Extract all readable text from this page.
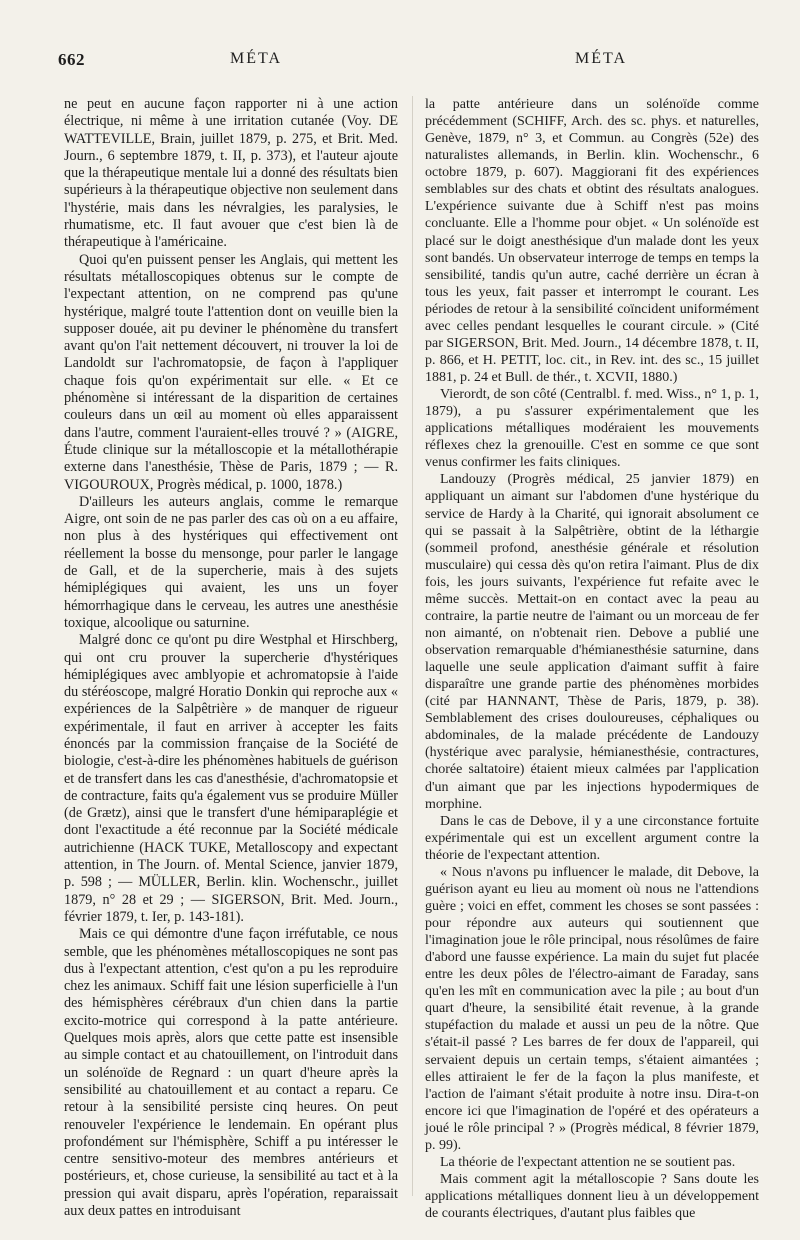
662	MÉTA	MÉTA

ne peut en aucune façon rapporter ni à une action électrique, ni même à une irritation cutanée (Voy. DE WATTEVILLE, Brain, juillet 1879, p. 275, et Brit. Med. Journ., 6 septembre 1879, t. II, p. 373), et l'auteur ajoute que la thérapeutique mentale lui a donné des résultats bien supérieurs à la thérapeutique objective non seulement dans l'hystérie, mais dans les névralgies, les paralysies, le rhumatisme, etc. Il faut avouer que c'est bien là de thérapeutique à l'américaine.

Quoi qu'en puissent penser les Anglais, qui mettent les résultats métalloscopiques obtenus sur le compte de l'expectant attention, on ne comprend pas qu'une hystérique, malgré toute l'attention dont on veuille bien la supposer douée, ait pu deviner le phénomène du transfert avant qu'on l'ait nettement découvert, ni trouver la loi de Landoldt sur l'achromatopsie, de façon à l'appliquer chaque fois qu'on expérimentait sur elle. « Et ce phénomène si intéressant de la disparition de certaines couleurs dans un œil au moment où elles apparaissent dans l'autre, comment l'auraient-elles trouvé ? » (AIGRE, Étude clinique sur la métalloscopie et la métallothérapie externe dans l'anesthésie, Thèse de Paris, 1879 ; — R. VIGOUROUX, Progrès médical, p. 1000, 1878.)

D'ailleurs les auteurs anglais, comme le remarque Aigre, ont soin de ne pas parler des cas où on a eu affaire, non plus à des hystériques qui effectivement ont réellement la bosse du mensonge, pour parler le langage de Gall, et de la supercherie, mais à des sujets hémiplégiques qui avaient, les uns un foyer hémorrhagique dans le cerveau, les autres une anesthésie toxique, alcoolique ou saturnine.

Malgré donc ce qu'ont pu dire Westphal et Hirschberg, qui ont cru prouver la supercherie d'hystériques hémiplégiques avec amblyopie et achromatopsie à l'aide du stéréoscope, malgré Horatio Donkin qui reproche aux « expériences de la Salpêtrière » de manquer de rigueur expérimentale, il faut en arriver à accepter les faits énoncés par la commission française de la Société de biologie, c'est-à-dire les phénomènes habituels de guérison et de transfert dans les cas d'anesthésie, d'achromatopsie et de contracture, faits qu'a également vus se produire Müller (de Grætz), ainsi que le transfert d'une hémiparaplégie et dont l'exactitude a été reconnue par la Société médicale autrichienne (HACK TUKE, Metalloscopy and expectant attention, in The Journ. of. Mental Science, janvier 1879, p. 598 ; — MÜLLER, Berlin. klin. Wochenschr., juillet 1879, n° 28 et 29 ; — SIGERSON, Brit. Med. Journ., février 1879, t. Ier, p. 143-181).

Mais ce qui démontre d'une façon irréfutable, ce nous semble, que les phénomènes métalloscopiques ne sont pas dus à l'expectant attention, c'est qu'on a pu les reproduire chez les animaux. Schiff fait une lésion superficielle à l'un des hémisphères cérébraux d'un chien dans la partie excito-motrice qui correspond à la patte antérieure. Quelques mois après, alors que cette patte est insensible au simple contact et au chatouillement, on l'introduit dans un solénoïde de Regnard : un quart d'heure après la sensibilité au chatouillement et au contact a reparu. Ce retour à la sensibilité persiste cinq heures. On peut renouveler l'expérience le lendemain. En opérant plus profondément sur l'hémisphère, Schiff a pu intéresser le centre sensitivo-moteur des membres antérieurs et postérieurs, et, chose curieuse, la sensibilité au tact et à la pression qui avait disparu, après l'opération, reparaissait aux deux pattes en introduisant

la patte antérieure dans un solénoïde comme précédemment (SCHIFF, Arch. des sc. phys. et naturelles, Genève, 1879, n° 3, et Commun. au Congrès (52e) des naturalistes allemands, in Berlin. klin. Wochenschr., 6 octobre 1879, p. 607). Maggiorani fit des expériences semblables sur des chats et obtint des résultats analogues. L'expérience suivante due à Schiff n'est pas moins concluante. Elle a l'homme pour objet. « Un solénoïde est placé sur le doigt anesthésique d'un malade dont les yeux sont bandés. Un observateur interroge de temps en temps la sensibilité, tandis qu'un autre, caché derrière un écran à tous les yeux, fait passer et interrompt le courant. Les périodes de retour à la sensibilité coïncident uniformément avec celles pendant lesquelles le courant circule. » (Cité par SIGERSON, Brit. Med. Journ., 14 décembre 1878, t. II, p. 866, et H. PETIT, loc. cit., in Rev. int. des sc., 15 juillet 1881, p. 24 et Bull. de thér., t. XCVII, 1880.)

Vierordt, de son côté (Centralbl. f. med. Wiss., n° 1, p. 1, 1879), a pu s'assurer expérimentalement que les applications métalliques modéraient les mouvements réflexes chez la grenouille. C'est en somme ce que sont venus confirmer les faits cliniques.

Landouzy (Progrès médical, 25 janvier 1879) en appliquant un aimant sur l'abdomen d'une hystérique du service de Hardy à la Charité, qui ignorait absolument ce qui se passait à la Salpêtrière, obtint de la léthargie (sommeil profond, anesthésie générale et résolution musculaire) qui cessa dès qu'on retira l'aimant. Plus de dix fois, les jours suivants, l'expérience fut refaite avec le même succès. Mettait-on en contact avec la peau au contraire, la partie neutre de l'aimant ou un morceau de fer non aimanté, on n'obtenait rien. Debove a publié une observation remarquable d'hémianesthésie saturnine, dans laquelle une seule application d'aimant suffit à faire disparaître une grande partie des phénomènes morbides (cité par HANNANT, Thèse de Paris, 1879, p. 38). Semblablement des crises douloureuses, céphaliques ou abdominales, de la malade précédente de Landouzy (hystérique avec paralysie, hémianesthésie, contractures, chorée saltatoire) étaient mieux calmées par l'application d'un aimant que par les injections hypodermiques de morphine.

Dans le cas de Debove, il y a une circonstance fortuite expérimentale qui est un excellent argument contre la théorie de l'expectant attention.

« Nous n'avons pu influencer le malade, dit Debove, la guérison ayant eu lieu au moment où nous ne l'attendions guère ; voici en effet, comment les choses se sont passées : pour répondre aux auteurs qui soutiennent que l'imagination joue le rôle principal, nous résolûmes de faire d'abord une fausse expérience. La main du sujet fut placée entre les deux pôles de l'électro-aimant de Faraday, sans qu'en les mît en communication avec la pile ; au bout d'un quart d'heure, la sensibilité était revenue, à la grande stupéfaction du malade et aussi un peu de la nôtre. Que s'était-il passé ? Les barres de fer doux de l'appareil, qui servaient depuis un certain temps, s'étaient aimantées ; elles attiraient le fer de la façon la plus manifeste, et l'action de l'aimant s'était produite à notre insu. Dira-t-on encore ici que l'imagination de l'opéré et des opérateurs a joué le rôle principal ? » (Progrès médical, 8 février 1879, p. 99).

La théorie de l'expectant attention ne se soutient pas.

Mais comment agit la métalloscopie ? Sans doute les applications métalliques donnent lieu à un développement de courants électriques, d'autant plus faibles que
